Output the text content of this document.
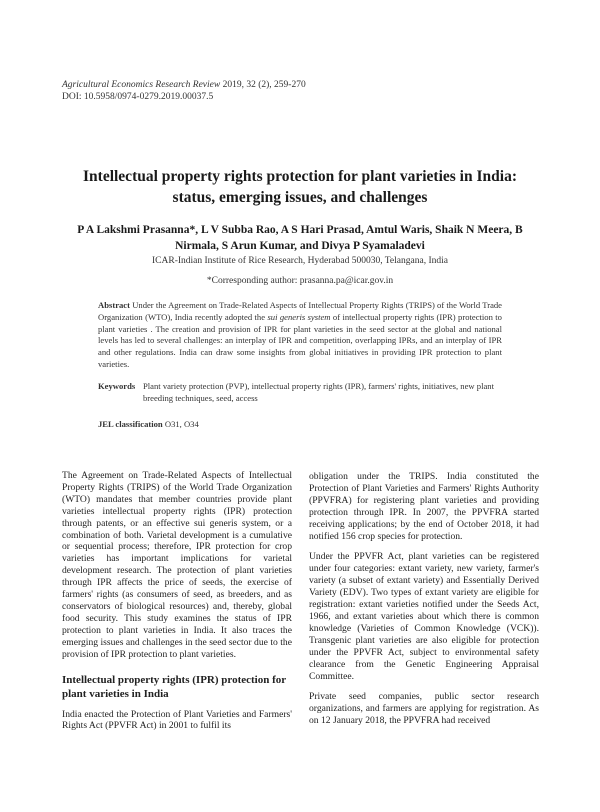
Agricultural Economics Research Review 2019, 32 (2), 259-270
DOI: 10.5958/0974-0279.2019.00037.5
Intellectual property rights protection for plant varieties in India: status, emerging issues, and challenges
P A Lakshmi Prasanna*, L V Subba Rao, A S Hari Prasad, Amtul Waris, Shaik N Meera, B Nirmala, S Arun Kumar, and Divya P Syamaladevi
ICAR-Indian Institute of Rice Research, Hyderabad 500030, Telangana, India
*Corresponding author: prasanna.pa@icar.gov.in
Abstract Under the Agreement on Trade-Related Aspects of Intellectual Property Rights (TRIPS) of the World Trade Organization (WTO), India recently adopted the sui generis system of intellectual property rights (IPR) protection to plant varieties . The creation and provision of IPR for plant varieties in the seed sector at the global and national levels has led to several challenges: an interplay of IPR and competition, overlapping IPRs, and an interplay of IPR and other regulations. India can draw some insights from global initiatives in providing IPR protection to plant varieties.
Keywords Plant variety protection (PVP), intellectual property rights (IPR), farmers' rights, initiatives, new plant breeding techniques, seed, access
JEL classification O31, O34

The Agreement on Trade-Related Aspects of Intellectual Property Rights (TRIPS) of the World Trade Organization (WTO) mandates that member countries provide plant varieties intellectual property rights (IPR) protection through patents, or an effective sui generis system, or a combination of both. Varietal development is a cumulative or sequential process; therefore, IPR protection for crop varieties has important implications for varietal development research. The protection of plant varieties through IPR affects the price of seeds, the exercise of farmers' rights (as consumers of seed, as breeders, and as conservators of biological resources) and, thereby, global food security. This study examines the status of IPR protection to plant varieties in India. It also traces the emerging issues and challenges in the seed sector due to the provision of IPR protection to plant varieties.

Intellectual property rights (IPR) protection for plant varieties in India

India enacted the Protection of Plant Varieties and Farmers' Rights Act (PPVFR Act) in 2001 to fulfil its

obligation under the TRIPS. India constituted the Protection of Plant Varieties and Farmers' Rights Authority (PPVFRA) for registering plant varieties and providing protection through IPR. In 2007, the PPVFRA started receiving applications; by the end of October 2018, it had notified 156 crop species for protection.

Under the PPVFR Act, plant varieties can be registered under four categories: extant variety, new variety, farmer's variety (a subset of extant variety) and Essentially Derived Variety (EDV). Two types of extant variety are eligible for registration: extant varieties notified under the Seeds Act, 1966, and extant varieties about which there is common knowledge (Varieties of Common Knowledge (VCK)). Transgenic plant varieties are also eligible for protection under the PPVFR Act, subject to environmental safety clearance from the Genetic Engineering Appraisal Committee.

Private seed companies, public sector research organizations, and farmers are applying for registration. As on 12 January 2018, the PPVFRA had received
